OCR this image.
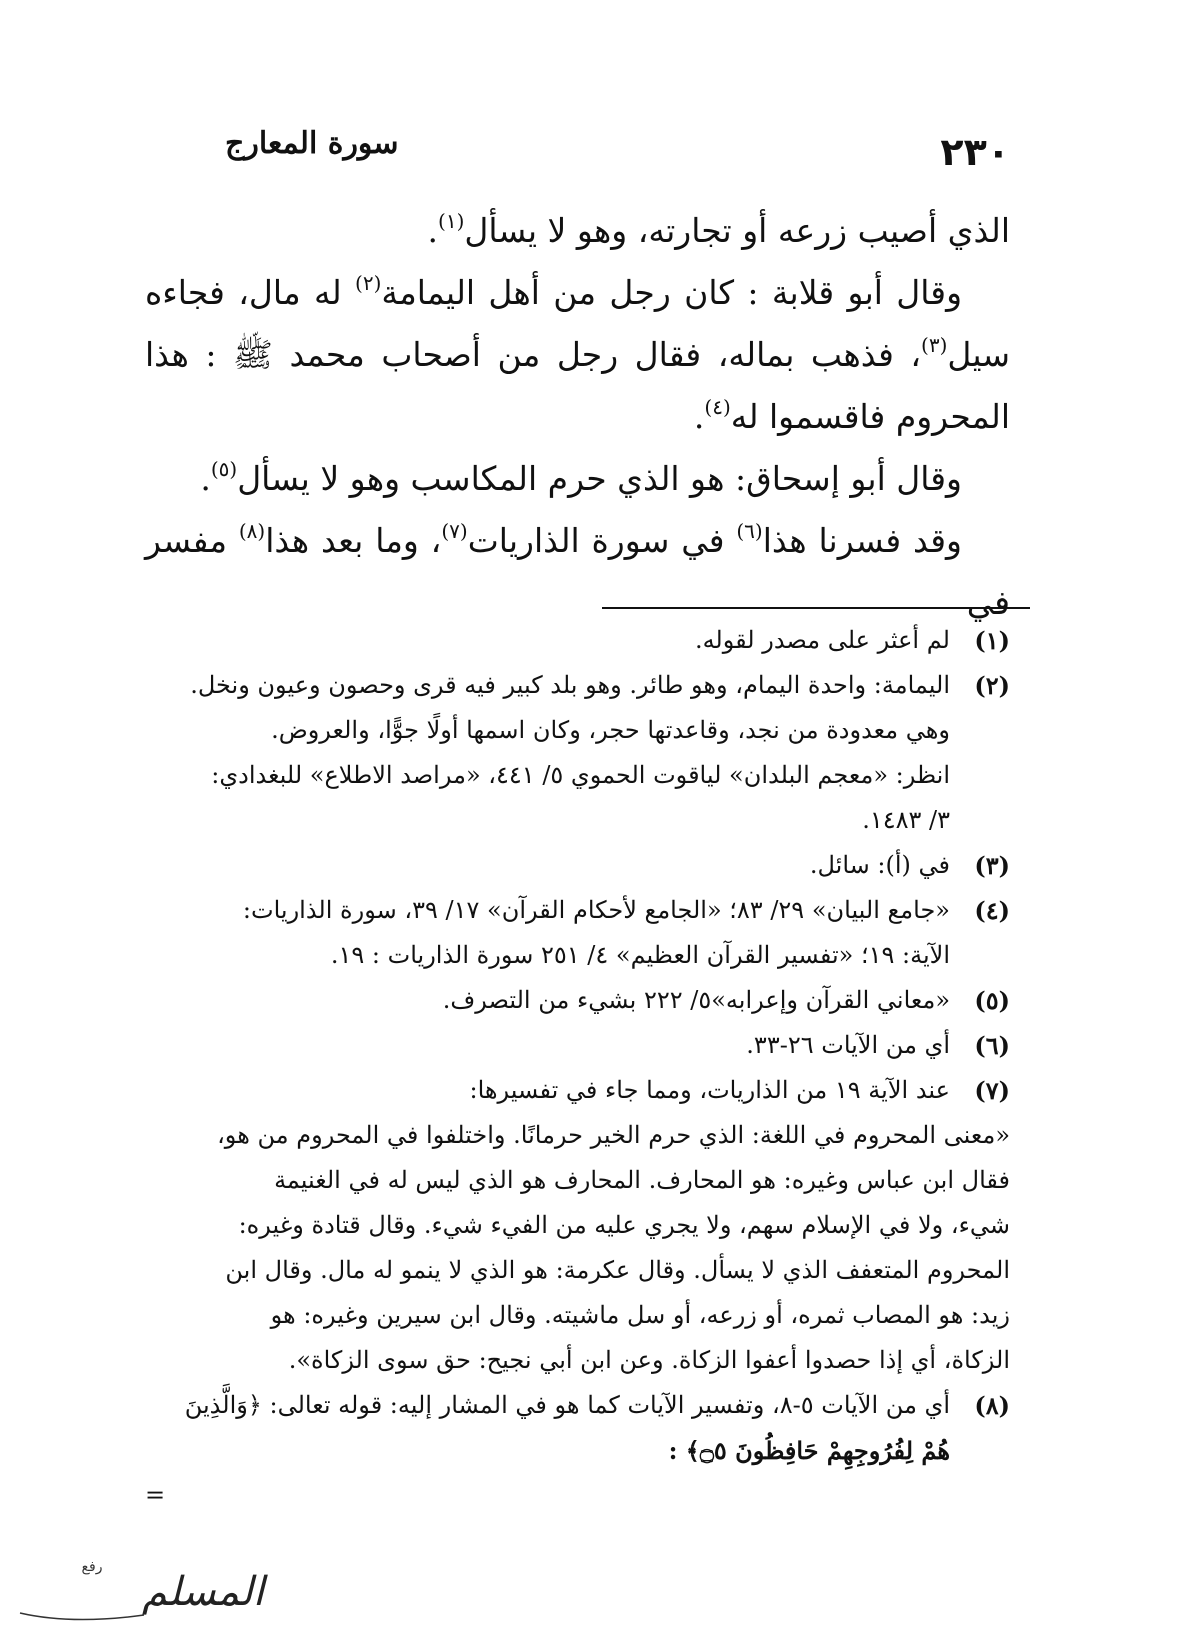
٢٣٠
سورة المعارج

الذي أصيب زرعه أو تجارته، وهو لا يسأل$^{(١)}$.

وقال أبو قلابة : كان رجل من أهل اليمامة$^{(٢)}$ له مال، فجاءه سيل$^{(٣)}$، فذهب بماله، فقال رجل من أصحاب محمد ﷺ : هذا المحروم فاقسموا له$^{(٤)}$.

وقال أبو إسحاق: هو الذي حرم المكاسب وهو لا يسأل$^{(٥)}$.

وقد فسرنا هذا$^{(٦)}$ في سورة الذاريات$^{(٧)}$، وما بعد هذا$^{(٨)}$ مفسر في

(١)
لم أعثر على مصدر لقوله.
(٢)
اليمامة: واحدة اليمام، وهو طائر. وهو بلد كبير فيه قرى وحصون وعيون ونخل.
وهي معدودة من نجد، وقاعدتها حجر، وكان اسمها أولًا جوًّا، والعروض.
انظر: «معجم البلدان» لياقوت الحموي ٥/ ٤٤١، «مراصد الاطلاع» للبغدادي:
٣/ ١٤٨٣.
(٣)
في (أ): سائل.
(٤)
«جامع البيان» ٢٩/ ٨٣؛ «الجامع لأحكام القرآن» ١٧/ ٣٩، سورة الذاريات:
الآية: ١٩؛ «تفسير القرآن العظيم» ٤/ ٢٥١ سورة الذاريات : ١٩.
(٥)
«معاني القرآن وإعرابه»٥/ ٢٢٢ بشيء من التصرف.
(٦)
أي من الآيات ٢٦-٣٣.
(٧)
عند الآية ١٩ من الذاريات، ومما جاء في تفسيرها:
«معنى المحروم في اللغة: الذي حرم الخير حرمانًا. واختلفوا في المحروم من هو،
فقال ابن عباس وغيره: هو المحارف. المحارف هو الذي ليس له في الغنيمة
شيء، ولا في الإسلام سهم، ولا يجري عليه من الفيء شيء. وقال قتادة وغيره:
المحروم المتعفف الذي لا يسأل. وقال عكرمة: هو الذي لا ينمو له مال. وقال ابن
زيد: هو المصاب ثمره، أو زرعه، أو سل ماشيته. وقال ابن سيرين وغيره: هو
الزكاة، أي إذا حصدوا أعفوا الزكاة. وعن ابن أبي نجيح: حق سوى الزكاة».
(٨)
أي من الآيات ٥-٨، وتفسير الآيات كما هو في المشار إليه: قوله تعالى: ﴿وَالَّذِينَ
هُمْ لِفُرُوجِهِمْ حَافِظُونَ ۝٥﴾ :
=
المسلم
رفع
